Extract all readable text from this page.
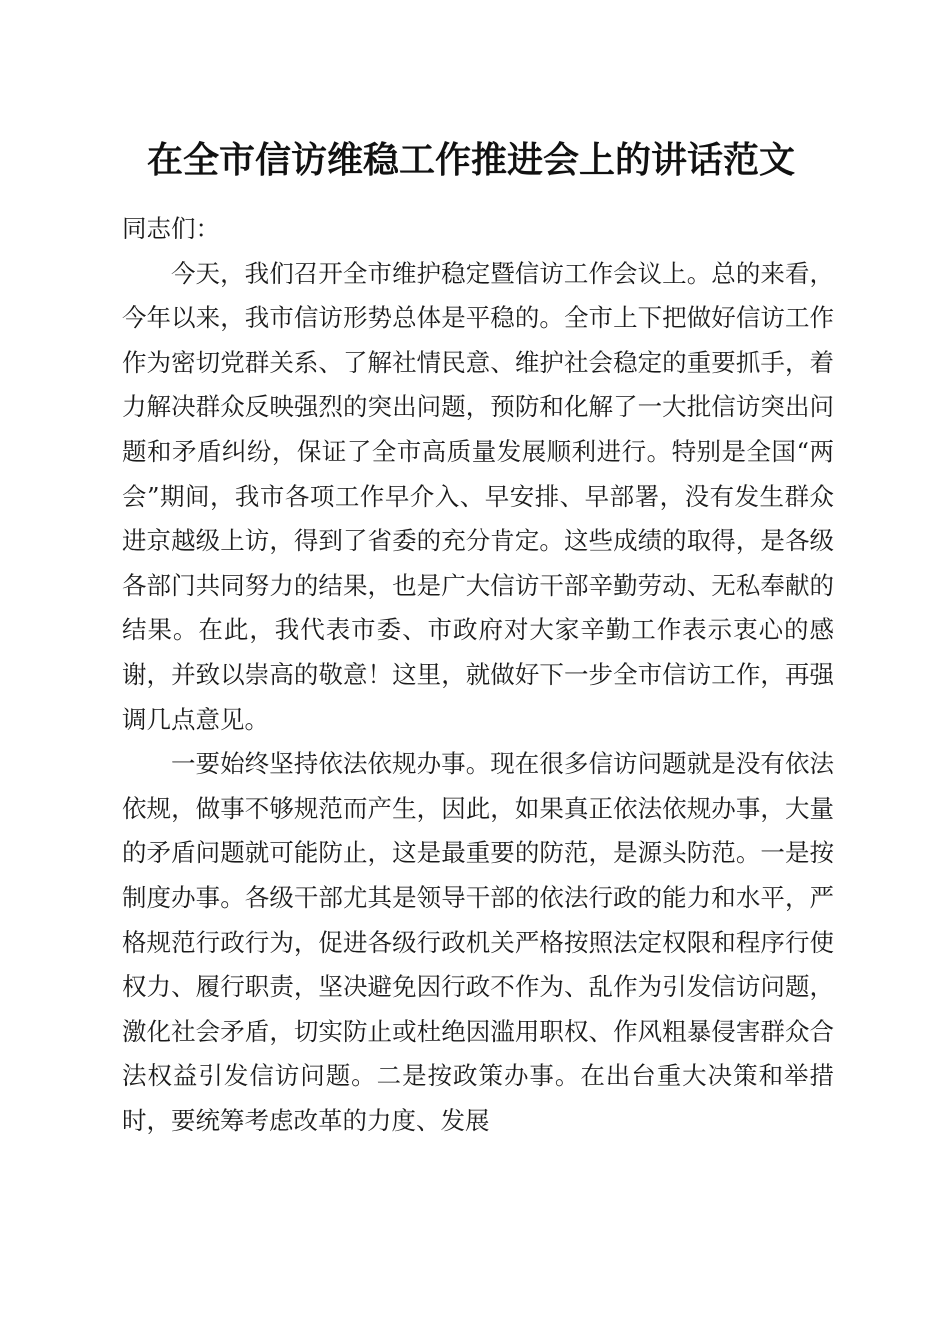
在全市信访维稳工作推进会上的讲话范文

同志们：

今天，我们召开全市维护稳定暨信访工作会议上。总的来看，今年以来，我市信访形势总体是平稳的。全市上下把做好信访工作作为密切党群关系、了解社情民意、维护社会稳定的重要抓手，着力解决群众反映强烈的突出问题，预防和化解了一大批信访突出问题和矛盾纠纷，保证了全市高质量发展顺利进行。特别是全国“两会”期间，我市各项工作早介入、早安排、早部署，没有发生群众进京越级上访，得到了省委的充分肯定。这些成绩的取得，是各级各部门共同努力的结果，也是广大信访干部辛勤劳动、无私奉献的结果。在此，我代表市委、市政府对大家辛勤工作表示衷心的感谢，并致以崇高的敬意！这里，就做好下一步全市信访工作，再强调几点意见。

一要始终坚持依法依规办事。现在很多信访问题就是没有依法依规，做事不够规范而产生，因此，如果真正依法依规办事，大量的矛盾问题就可能防止，这是最重要的防范，是源头防范。一是按制度办事。各级干部尤其是领导干部的依法行政的能力和水平，严格规范行政行为，促进各级行政机关严格按照法定权限和程序行使权力、履行职责，坚决避免因行政不作为、乱作为引发信访问题，激化社会矛盾，切实防止或杜绝因滥用职权、作风粗暴侵害群众合法权益引发信访问题。二是按政策办事。在出台重大决策和举措时，要统筹考虑改革的力度、发展
